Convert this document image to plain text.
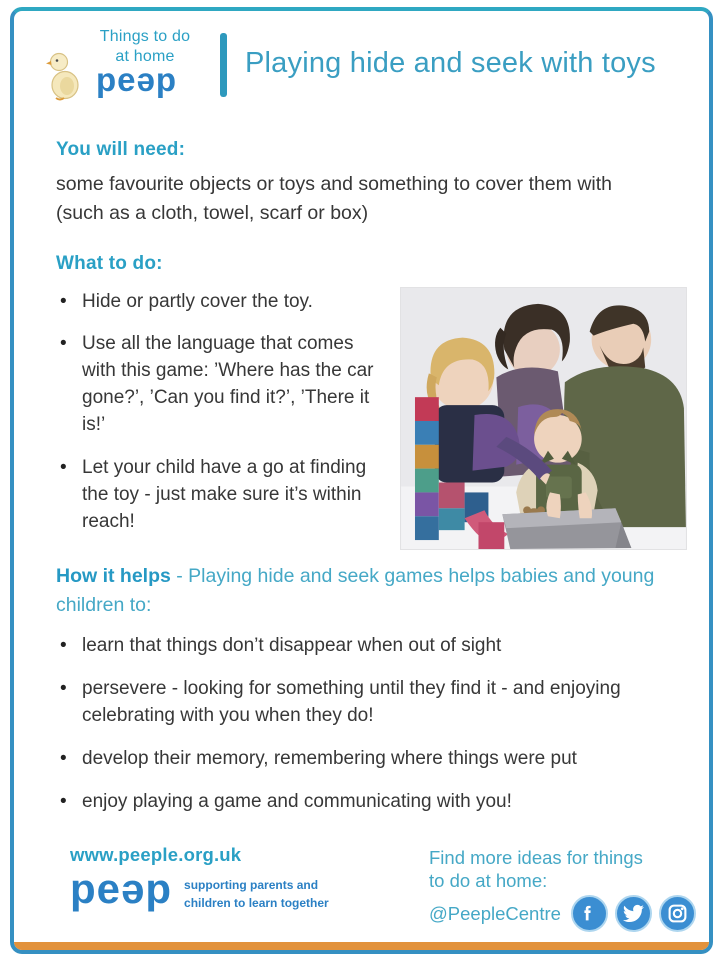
Things to do
at home
peəp Playing hide and seek with toys
You will need:

some favourite objects or toys and something to cover them with (such as a cloth, towel, scarf or box)

What to do:
• Hide or partly cover the toy.
• Use all the language that comes with this game: ’Where has the car gone?’, ’Can you find it?’, ’There it is!’
• Let your child have a go at finding the toy - just make sure it’s within reach!

How it helps - Playing hide and seek games helps babies and young children to:

• learn that things don’t disappear when out of sight
• persevere - looking for something until they find it - and enjoying celebrating with you when they do!
• develop their memory, remembering where things were put
• enjoy playing a game and communicating with you!
www.peeple.org.uk
peəp supporting parents and
children to learn together
Find more ideas for things
to do at home:
@PeepleCentre
